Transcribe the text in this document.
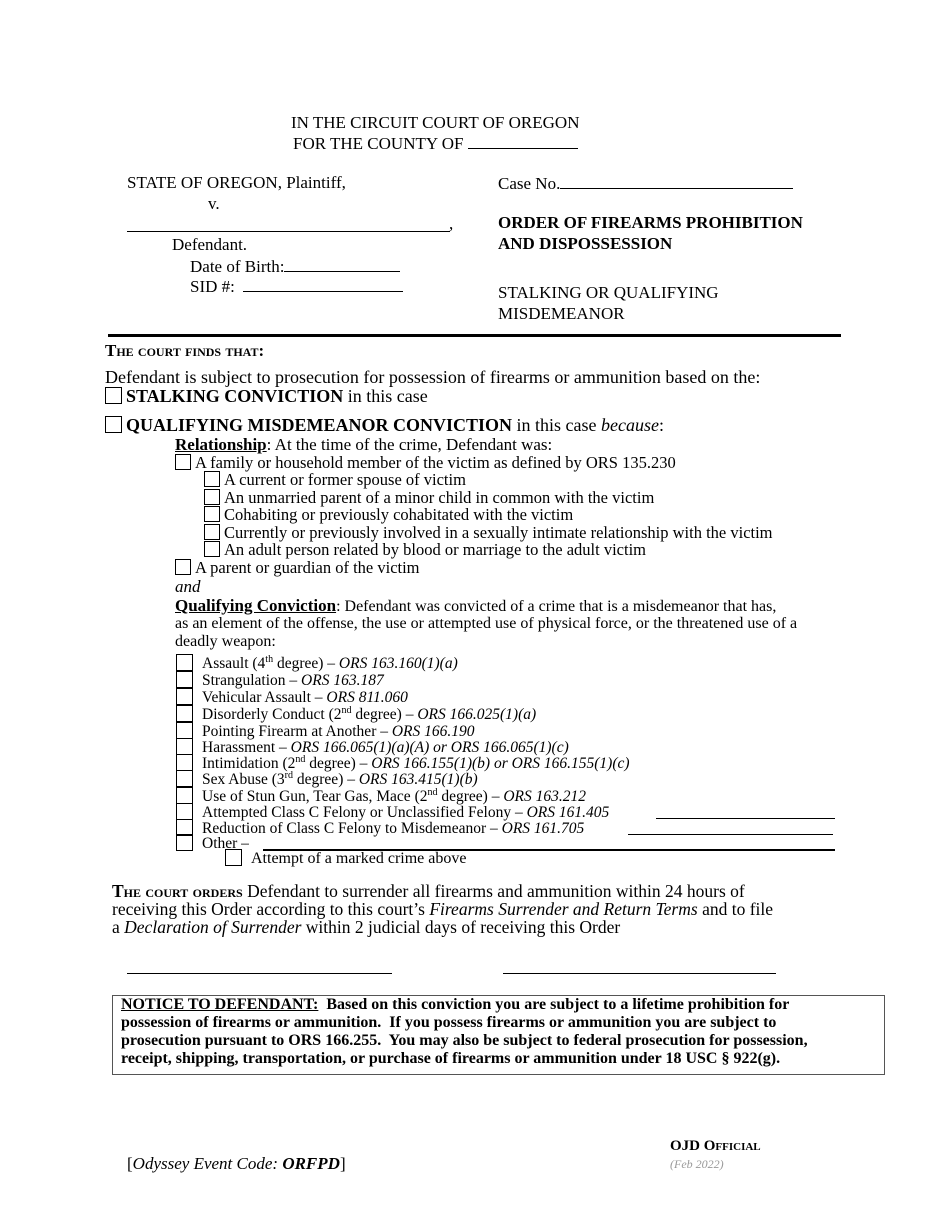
IN THE CIRCUIT COURT OF OREGON
FOR THE COUNTY OF
STATE OF OREGON, Plaintiff,
v.
,
Defendant.
Date of Birth:
SID #:
Case No.
ORDER OF FIREARMS PROHIBITION
AND DISPOSSESSION
STALKING OR QUALIFYING
MISDEMEANOR
The court finds that:
Defendant is subject to prosecution for possession of firearms or ammunition based on the:
STALKING CONVICTION in this case
QUALIFYING MISDEMEANOR CONVICTION in this case because:
Relationship: At the time of the crime, Defendant was:
A family or household member of the victim as defined by ORS 135.230
A current or former spouse of victim
An unmarried parent of a minor child in common with the victim
Cohabiting or previously cohabitated with the victim
Currently or previously involved in a sexually intimate relationship with the victim
An adult person related by blood or marriage to the adult victim
A parent or guardian of the victim
and
Qualifying Conviction: Defendant was convicted of a crime that is a misdemeanor that has,
as an element of the offense, the use or attempted use of physical force, or the threatened use of a
deadly weapon:
Assault (4th degree) – ORS 163.160(1)(a)
Strangulation – ORS 163.187
Vehicular Assault – ORS 811.060
Disorderly Conduct (2nd degree) – ORS 166.025(1)(a)
Pointing Firearm at Another – ORS 166.190
Harassment – ORS 166.065(1)(a)(A) or ORS 166.065(1)(c)
Intimidation (2nd degree) – ORS 166.155(1)(b) or ORS 166.155(1)(c)
Sex Abuse (3rd degree) – ORS 163.415(1)(b)
Use of Stun Gun, Tear Gas, Mace (2nd degree) – ORS 163.212
Attempted Class C Felony or Unclassified Felony – ORS 161.405
Reduction of Class C Felony to Misdemeanor – ORS 161.705
Other –
Attempt of a marked crime above
The court orders Defendant to surrender all firearms and ammunition within 24 hours of
receiving this Order according to this court’s Firearms Surrender and Return Terms and to file
a Declaration of Surrender within 2 judicial days of receiving this Order
NOTICE TO DEFENDANT:  Based on this conviction you are subject to a lifetime prohibition for
possession of firearms or ammunition.  If you possess firearms or ammunition you are subject to
prosecution pursuant to ORS 166.255.  You may also be subject to federal prosecution for possession,
receipt, shipping, transportation, or purchase of firearms or ammunition under 18 USC § 922(g).
[Odyssey Event Code: ORFPD]
OJD Official
(Feb 2022)
